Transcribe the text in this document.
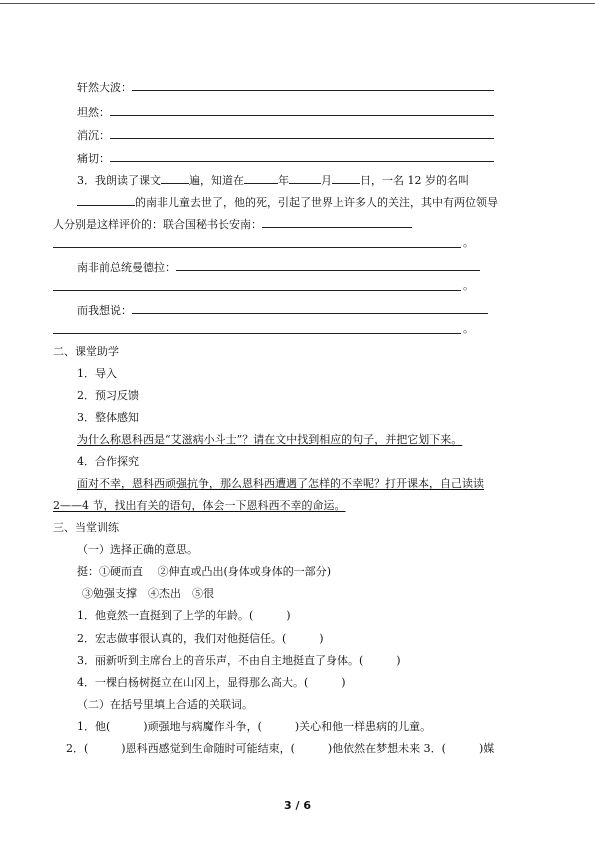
轩然大波：
坦然：
消沉：
痛切：
3．我朗读了课文	遍，知道在	年	月	日，一名 12 岁的名叫
的南非儿童去世了，他的死，引起了世界上许多人的关注，其中有两位领导
人分别是这样评价的：联合国秘书长安南：
。
南非前总统曼德拉：
。
而我想说：
。
二、课堂助学
1．导入
2．预习反馈
3．整体感知
为什么称恩科西是“艾滋病小斗士”？请在文中找到相应的句子，并把它划下来。
4．合作探究
面对不幸，恩科西顽强抗争，那么恩科西遭遇了怎样的不幸呢？打开课本，自己读读
2——4 节，找出有关的语句，体会一下恩科西不幸的命运。
三、当堂训练
（一）选择正确的意思。
挺：①硬而直　 ②伸直或凸出(身体或身体的一部分)
③勉强支撑　④杰出　⑤很
1．他竟然一直挺到了上学的年龄。(　　　)
2．宏志做事很认真的，我们对他挺信任。(　　　)
3．丽新听到主席台上的音乐声，不由自主地挺直了身体。(　　　)
4．一棵白杨树挺立在山冈上，显得那么高大。(　　　)
（二）在括号里填上合适的关联词。
1．他(　　　)顽强地与病魔作斗争，(　　　)关心和他一样患病的儿童。
2．(　　　)恩科西感觉到生命随时可能结束，(　　　)他依然在梦想未来 3．(　　　)媒
3 / 6
